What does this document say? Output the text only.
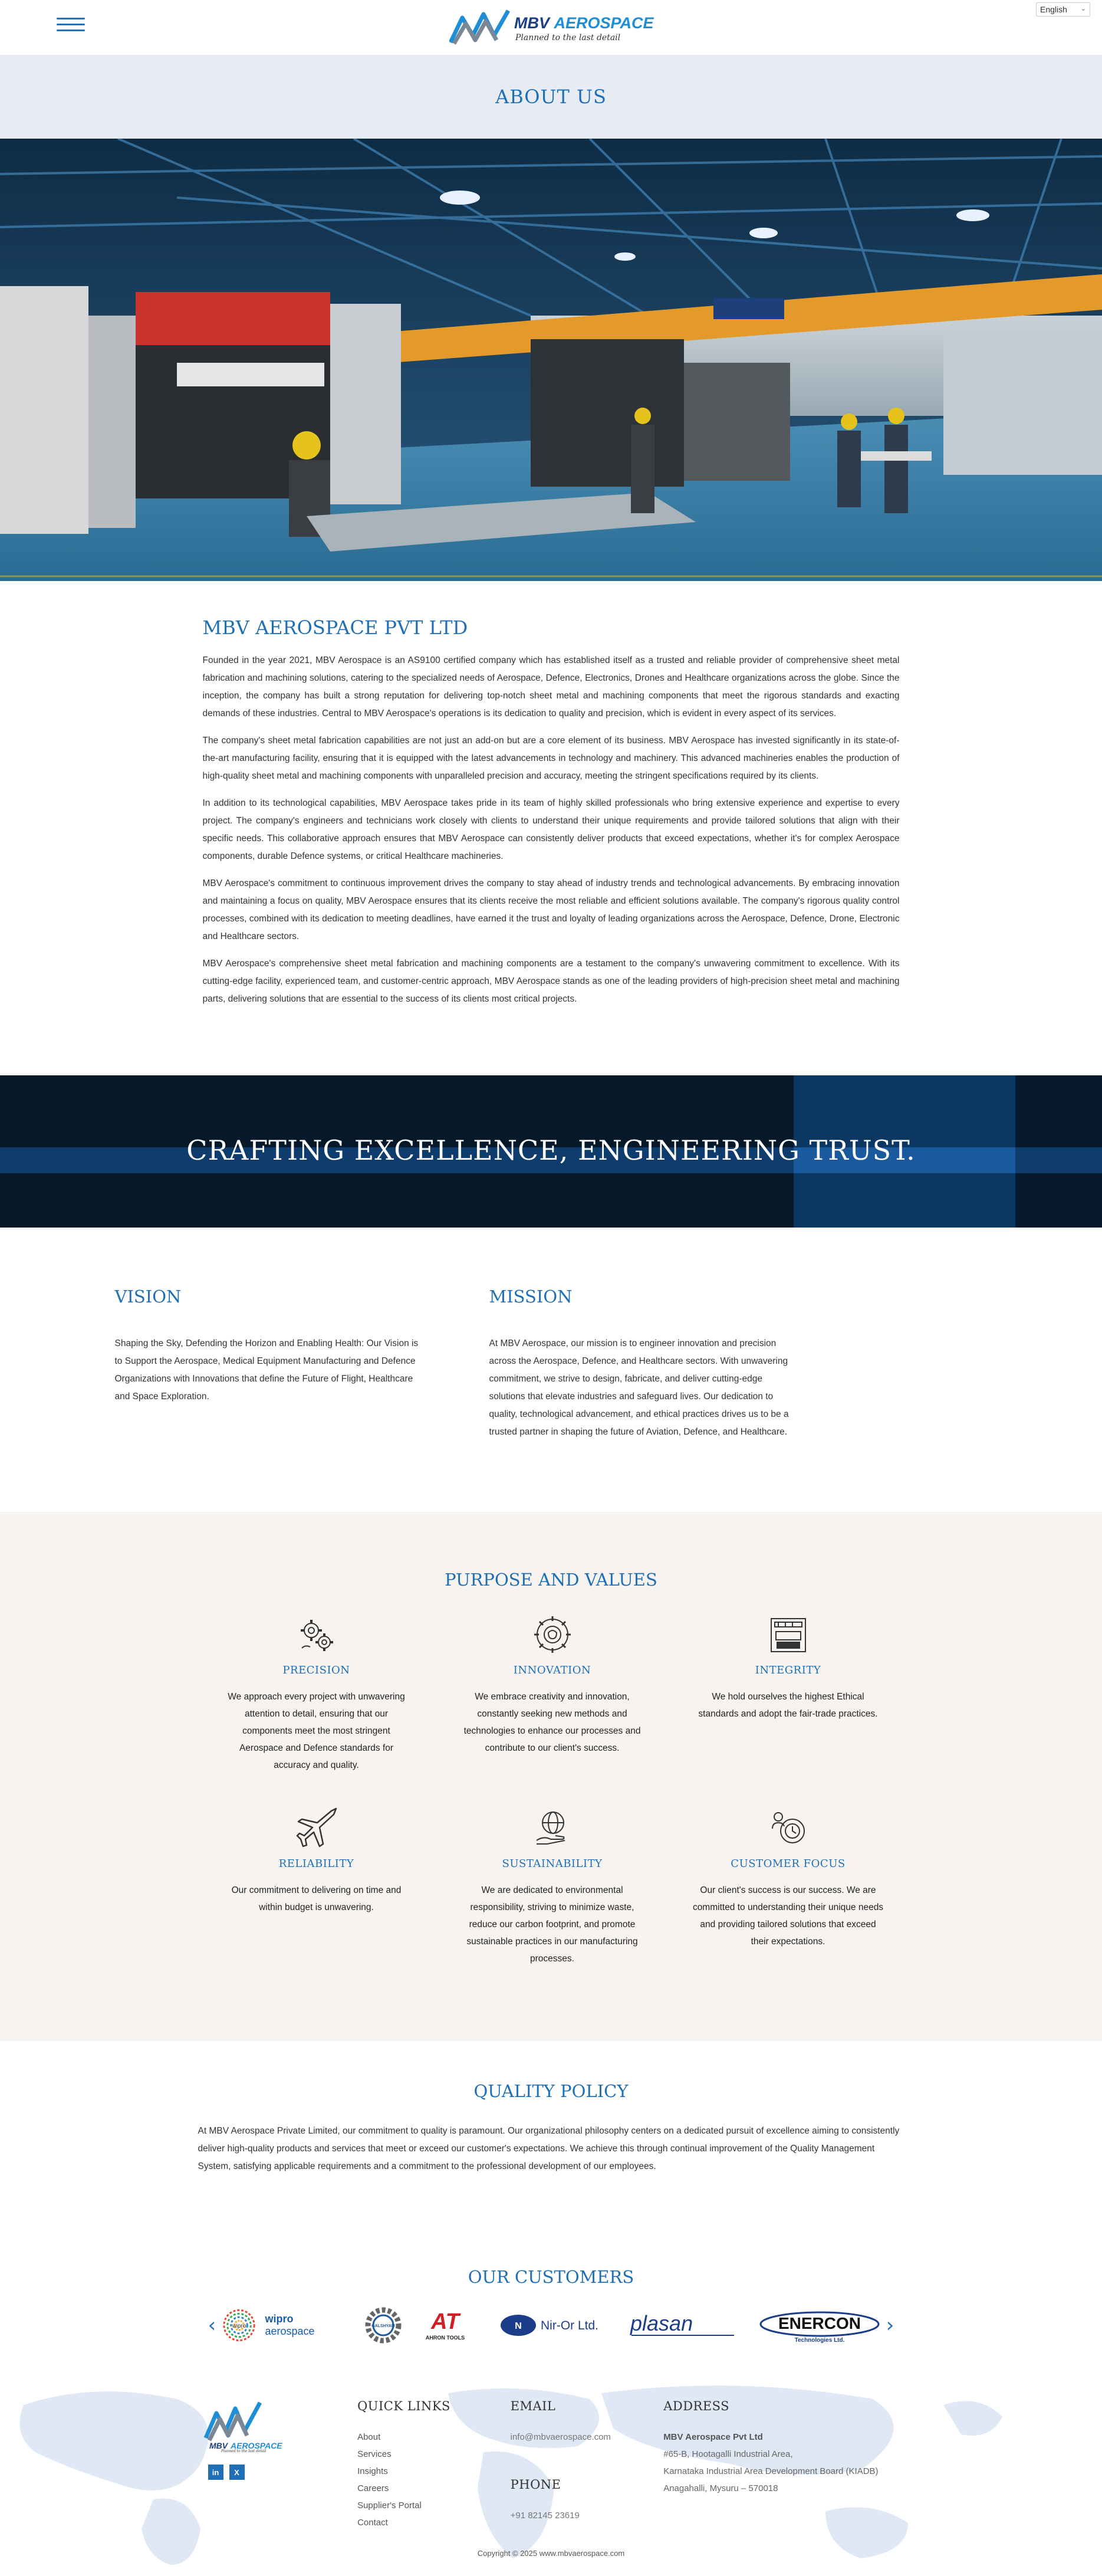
MBV AEROSPACE
Planned to the last detail
English ⌄
ABOUT US
MBV AEROSPACE PVT LTD

Founded in the year 2021, MBV Aerospace is an AS9100 certified company which has established itself as a trusted and reliable provider of comprehensive sheet metal fabrication and machining solutions, catering to the specialized needs of Aerospace, Defence, Electronics, Drones and Healthcare organizations across the globe. Since the inception, the company has built a strong reputation for delivering top-notch sheet metal and machining components that meet the rigorous standards and exacting demands of these industries. Central to MBV Aerospace's operations is its dedication to quality and precision, which is evident in every aspect of its services.

The company's sheet metal fabrication capabilities are not just an add-on but are a core element of its business. MBV Aerospace has invested significantly in its state-of-the-art manufacturing facility, ensuring that it is equipped with the latest advancements in technology and machinery. This advanced machineries enables the production of high-quality sheet metal and machining components with unparalleled precision and accuracy, meeting the stringent specifications required by its clients.

In addition to its technological capabilities, MBV Aerospace takes pride in its team of highly skilled professionals who bring extensive experience and expertise to every project. The company's engineers and technicians work closely with clients to understand their unique requirements and provide tailored solutions that align with their specific needs. This collaborative approach ensures that MBV Aerospace can consistently deliver products that exceed expectations, whether it's for complex Aerospace components, durable Defence systems, or critical Healthcare machineries.

MBV Aerospace's commitment to continuous improvement drives the company to stay ahead of industry trends and technological advancements. By embracing innovation and maintaining a focus on quality, MBV Aerospace ensures that its clients receive the most reliable and efficient solutions available. The company's rigorous quality control processes, combined with its dedication to meeting deadlines, have earned it the trust and loyalty of leading organizations across the Aerospace, Defence, Drone, Electronic and Healthcare sectors.

MBV Aerospace's comprehensive sheet metal fabrication and machining components are a testament to the company's unwavering commitment to excellence. With its cutting-edge facility, experienced team, and customer-centric approach, MBV Aerospace stands as one of the leading providers of high-precision sheet metal and machining parts, delivering solutions that are essential to the success of its clients most critical projects.

CRAFTING EXCELLENCE, ENGINEERING TRUST.
VISION

Shaping the Sky, Defending the Horizon and Enabling Health: Our Vision is to Support the Aerospace, Medical Equipment Manufacturing and Defence Organizations with Innovations that define the Future of Flight, Healthcare and Space Exploration.

MISSION

At MBV Aerospace, our mission is to engineer innovation and precision across the Aerospace, Defence, and Healthcare sectors. With unwavering commitment, we strive to design, fabricate, and deliver cutting-edge solutions that elevate industries and safeguard lives. Our dedication to quality, technological advancement, and ethical practices drives us to be a trusted partner in shaping the future of Aviation, Defence, and Healthcare.

PURPOSE AND VALUES
PRECISION

We approach every project with unwavering attention to detail, ensuring that our components meet the most stringent Aerospace and Defence standards for accuracy and quality.

INNOVATION

We embrace creativity and innovation, constantly seeking new methods and technologies to enhance our processes and contribute to our client's success.

INTEGRITY

We hold ourselves the highest Ethical standards and adopt the fair-trade practices.

RELIABILITY

Our commitment to delivering on time and within budget is unwavering.

SUSTAINABILITY

We are dedicated to environmental responsibility, striving to minimize waste, reduce our carbon footprint, and promote sustainable practices in our manufacturing processes.

CUSTOMER FOCUS

Our client's success is our success. We are committed to understanding their unique needs and providing tailored solutions that exceed their expectations.

QUALITY POLICY

At MBV Aerospace Private Limited, our commitment to quality is paramount. Our organizational philosophy centers on a dedicated pursuit of excellence aiming to consistently deliver high-quality products and services that meet or exceed our customer's expectations. We achieve this through continual improvement of the Quality Management System, satisfying applicable requirements and a commitment to the professional development of our employees.

OUR CUSTOMERS
‹	wipro
wipro aerospace	GALSHYAM AT
AHRON TOOLS
N Nir-Or Ltd. plasan	ENERCON
Technologies Ltd.
›
MBV AEROSPACE
Planned to the last detail
in	X
QUICK LINKS
About
Services
Insights
Careers
Supplier's Portal
Contact
EMAIL
info@mbvaerospace.com
PHONE
+91 82145 23619
ADDRESS
MBV Aerospace Pvt Ltd
#65-B, Hootagalli Industrial Area,
Karnataka Industrial Area Development Board (KIADB)
Anagahalli, Mysuru – 570018
Copyright © 2025 www.mbvaerospace.com
